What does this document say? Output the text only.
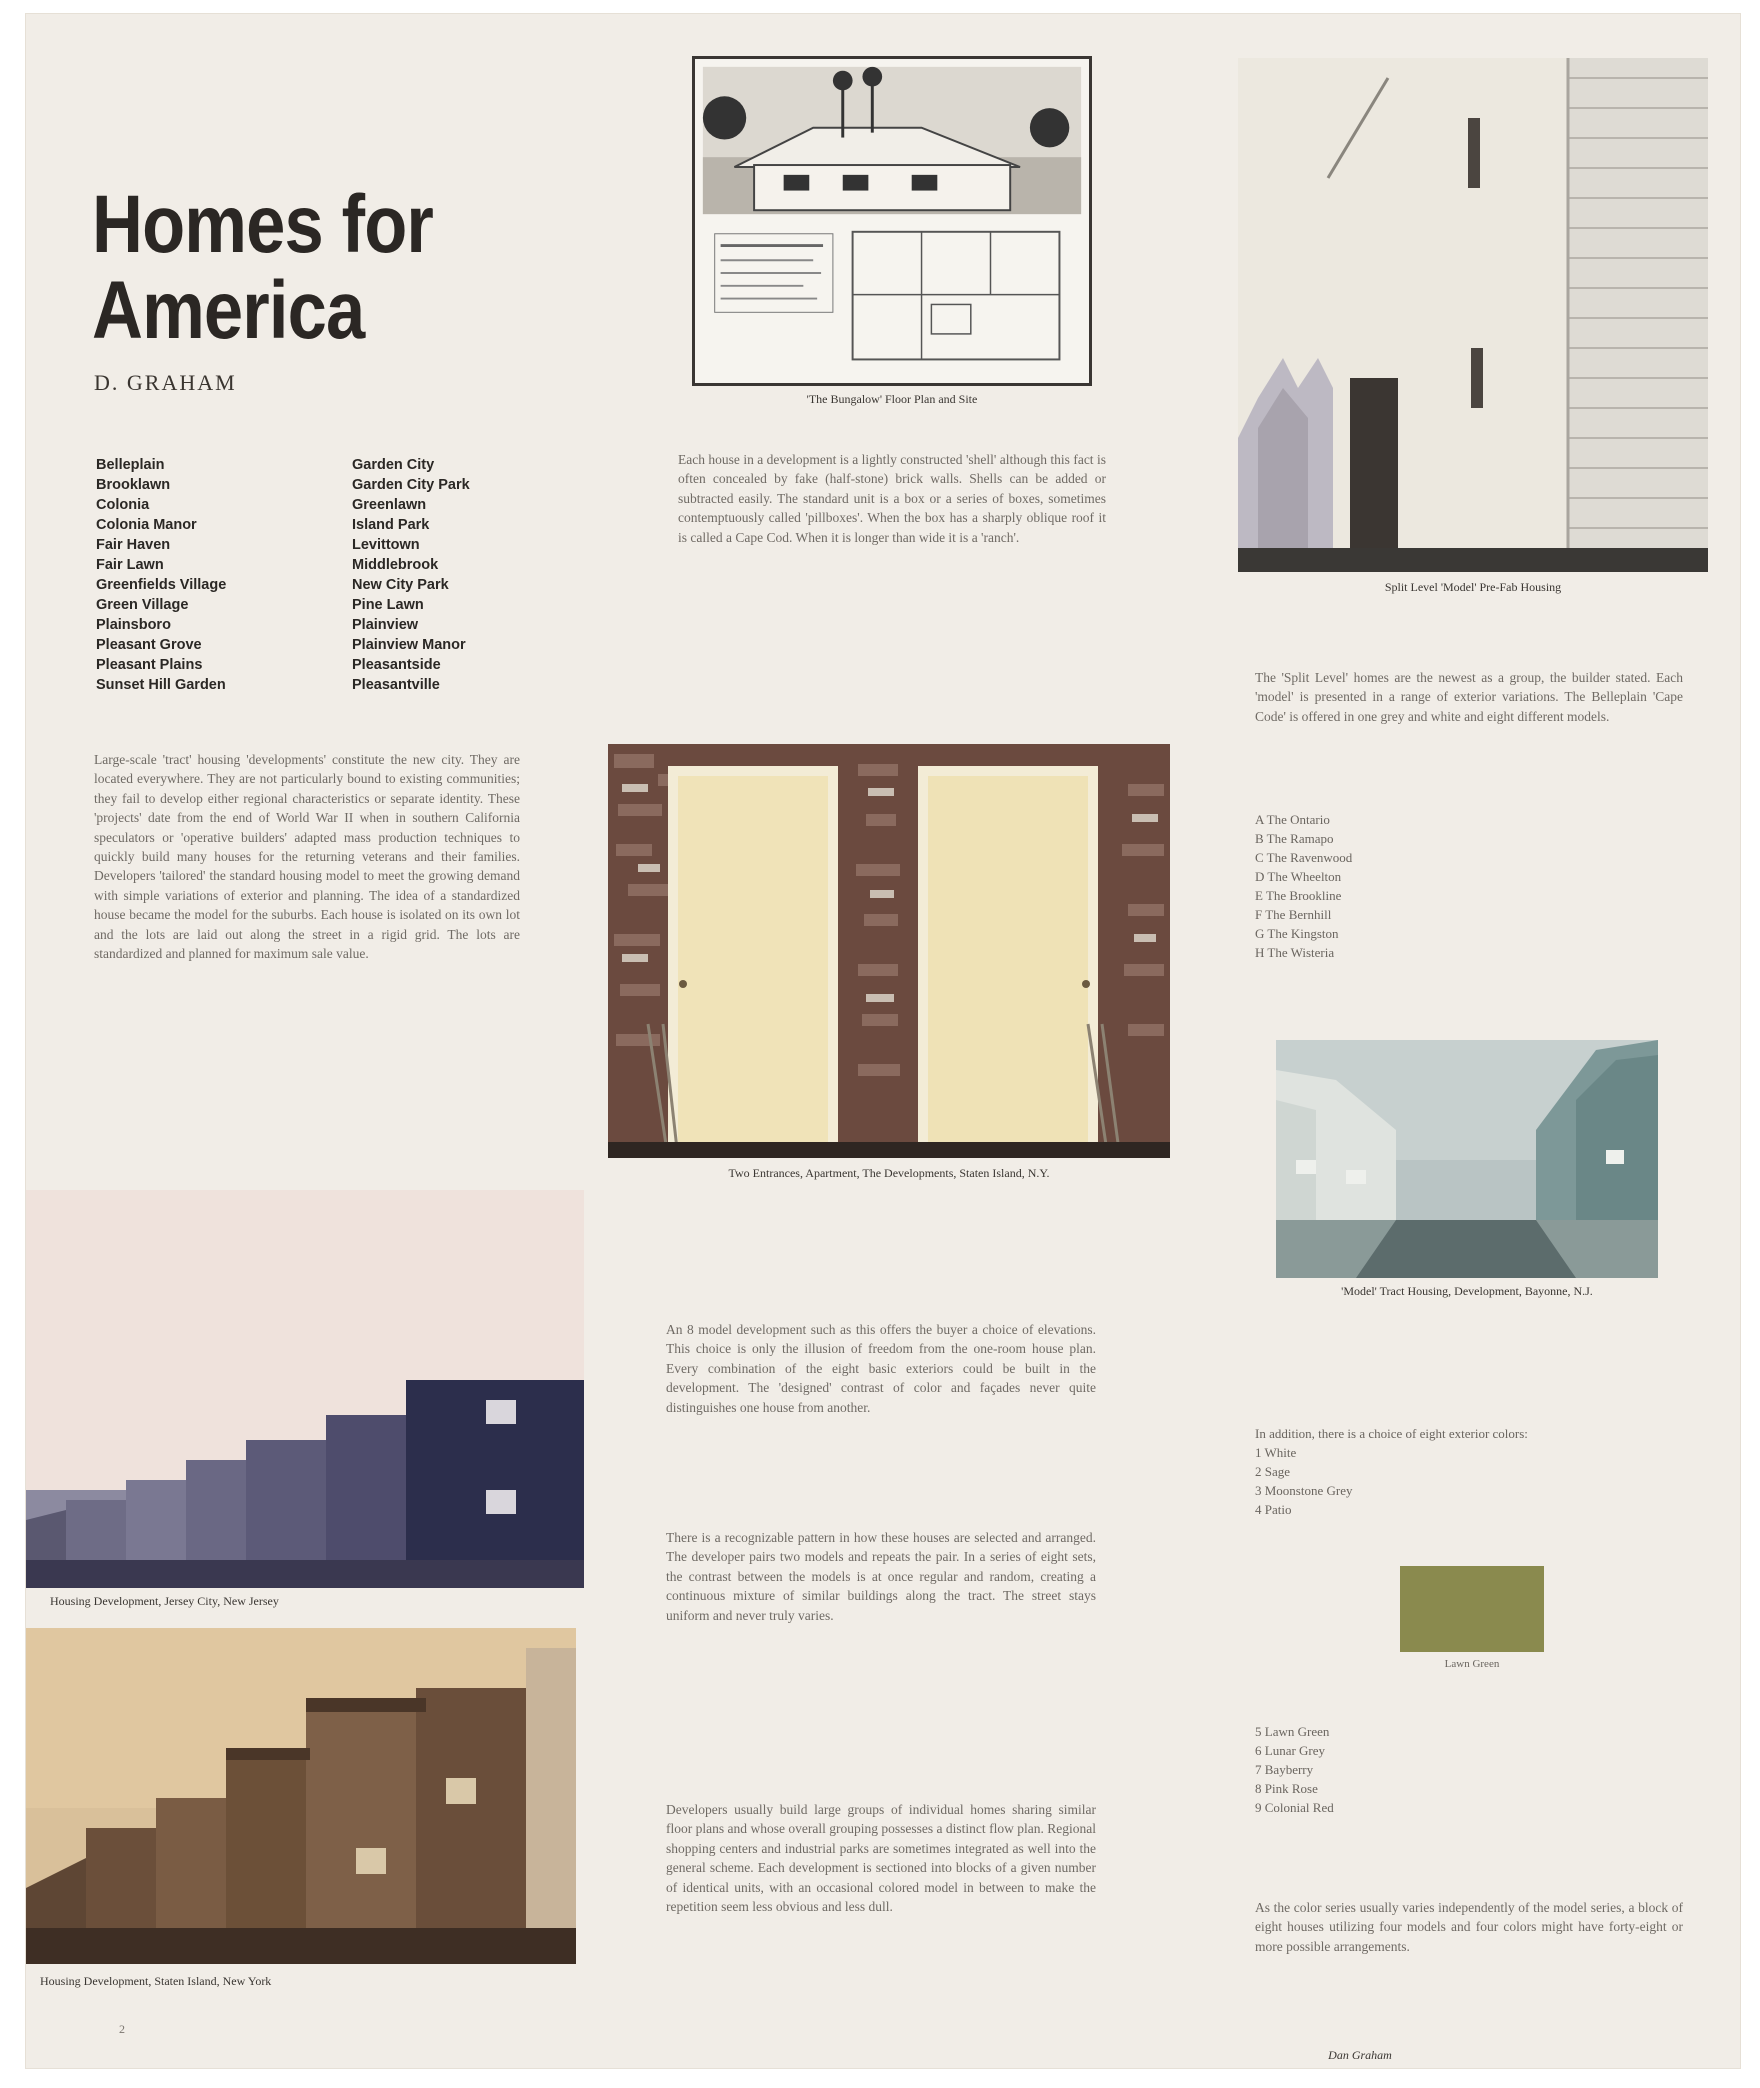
Homes for
America
D. GRAHAM
Belleplain
Brooklawn
Colonia
Colonia Manor
Fair Haven
Fair Lawn
Greenfields Village
Green Village
Plainsboro
Pleasant Grove
Pleasant Plains
Sunset Hill Garden
Garden City
Garden City Park
Greenlawn
Island Park
Levittown
Middlebrook
New City Park
Pine Lawn
Plainview
Plainview Manor
Pleasantside
Pleasantville
Large-scale 'tract' housing 'developments' constitute the new city. They are located everywhere. They are not particularly bound to existing communities; they fail to develop either regional characteristics or separate identity. These 'projects' date from the end of World War II when in southern California speculators or 'operative builders' adapted mass production techniques to quickly build many houses for the returning veterans and their families. Developers 'tailored' the standard housing model to meet the growing demand with simple variations of exterior and planning. The idea of a standardized house became the model for the suburbs. Each house is isolated on its own lot and the lots are laid out along the street in a rigid grid. The lots are standardized and planned for maximum sale value.
'The Bungalow' Floor Plan and Site
Each house in a development is a lightly constructed 'shell' although this fact is often concealed by fake (half-stone) brick walls. Shells can be added or subtracted easily. The standard unit is a box or a series of boxes, sometimes contemptuously called 'pillboxes'. When the box has a sharply oblique roof it is called a Cape Cod. When it is longer than wide it is a 'ranch'.
Split Level 'Model' Pre-Fab Housing
The 'Split Level' homes are the newest as a group, the builder stated. Each 'model' is presented in a range of exterior variations. The Belleplain 'Cape Code' is offered in one grey and white and eight different models.
A The Ontario
B The Ramapo
C The Ravenwood
D The Wheelton
E The Brookline
F The Bernhill
G The Kingston
H The Wisteria
Two Entrances, Apartment, The Developments, Staten Island, N.Y.
'Model' Tract Housing, Development, Bayonne, N.J.
In addition, there is a choice of eight exterior colors:
1 White
2 Sage
3 Moonstone Grey
4 Patio
Lawn Green
5 Lawn Green
6 Lunar Grey
7 Bayberry
8 Pink Rose
9 Colonial Red
As the color series usually varies independently of the model series, a block of eight houses utilizing four models and four colors might have forty-eight or more possible arrangements.
An 8 model development such as this offers the buyer a choice of elevations. This choice is only the illusion of freedom from the one-room house plan. Every combination of the eight basic exteriors could be built in the development. The 'designed' contrast of color and façades never quite distinguishes one house from another.
There is a recognizable pattern in how these houses are selected and arranged. The developer pairs two models and repeats the pair. In a series of eight sets, the contrast between the models is at once regular and random, creating a continuous mixture of similar buildings along the tract. The street stays uniform and never truly varies.
Developers usually build large groups of individual homes sharing similar floor plans and whose overall grouping possesses a distinct flow plan. Regional shopping centers and industrial parks are sometimes integrated as well into the general scheme. Each development is sectioned into blocks of a given number of identical units, with an occasional colored model in between to make the repetition seem less obvious and less dull.
Housing Development, Jersey City, New Jersey
Housing Development, Staten Island, New York
Dan Graham
2
